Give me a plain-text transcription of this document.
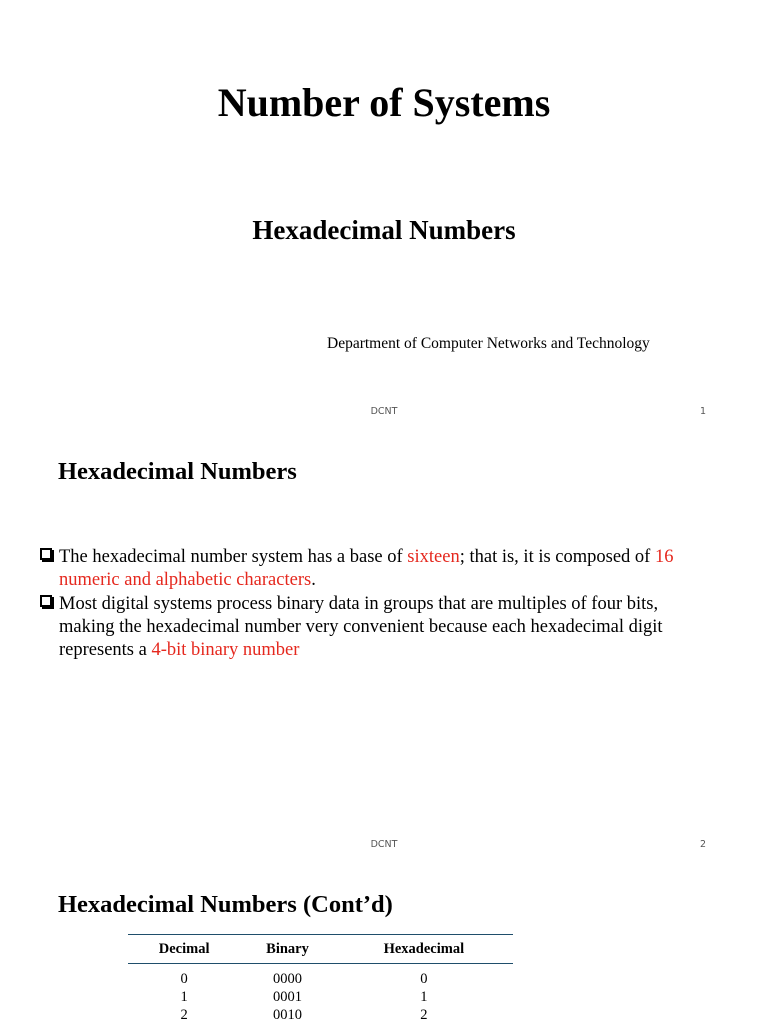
Number of Systems
Hexadecimal Numbers
Department of Computer Networks and Technology
DCNT	1
Hexadecimal Numbers
The hexadecimal number system has a base of sixteen; that is, it is composed of 16 numeric and alphabetic characters.
Most digital systems process binary data in groups that are multiples of four bits, making the hexadecimal number very convenient because each hexadecimal digit represents a 4-bit binary number
DCNT	2
Hexadecimal Numbers (Cont’d)
Decimal	Binary	Hexadecimal
0	0000	0
1	0001	1
2	0010	2
